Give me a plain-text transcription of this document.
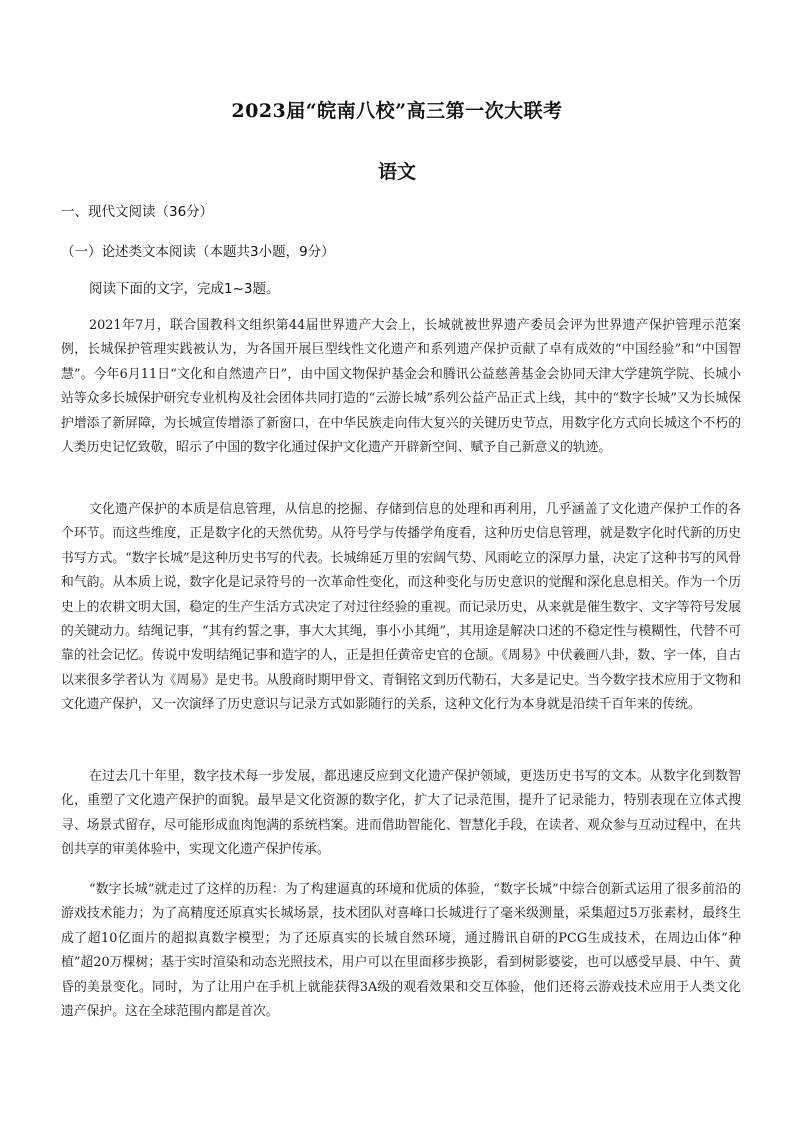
2023届“皖南八校”高三第一次大联考
语文
一、现代文阅读（36分）
（一）论述类文本阅读（本题共3小题，9分）
阅读下面的文字，完成1~3题。

2021年7月，联合国教科文组织第44届世界遗产大会上，长城就被世界遗产委员会评为世界遗产保护管理示范案例，长城保护管理实践被认为，为各国开展巨型线性文化遗产和系列遗产保护贡献了卓有成效的“中国经验”和“中国智慧”。今年6月11日“文化和自然遗产日”，由中国文物保护基金会和腾讯公益慈善基金会协同天津大学建筑学院、长城小站等众多长城保护研究专业机构及社会团体共同打造的“云游长城”系列公益产品正式上线，其中的“数字长城”又为长城保护增添了新屏障，为长城宣传增添了新窗口，在中华民族走向伟大复兴的关键历史节点，用数字化方式向长城这个不朽的人类历史记忆致敬，昭示了中国的数字化通过保护文化遗产开辟新空间、赋予自己新意义的轨迹。

文化遗产保护的本质是信息管理，从信息的挖掘、存储到信息的处理和再利用，几乎涵盖了文化遗产保护工作的各个环节。而这些维度，正是数字化的天然优势。从符号学与传播学角度看，这种历史信息管理，就是数字化时代新的历史书写方式。“数字长城”是这种历史书写的代表。长城绵延万里的宏阔气势、风雨屹立的深厚力量，决定了这种书写的风骨和气韵。从本质上说，数字化是记录符号的一次革命性变化，而这种变化与历史意识的觉醒和深化息息相关。作为一个历史上的农耕文明大国，稳定的生产生活方式决定了对过往经验的重视。而记录历史，从来就是催生数字、文字等符号发展的关键动力。结绳记事，“其有约誓之事，事大大其绳，事小小其绳”，其用途是解决口述的不稳定性与模糊性，代替不可靠的社会记忆。传说中发明结绳记事和造字的人，正是担任黄帝史官的仓颉。《周易》中伏羲画八卦，数、字一体，自古以来很多学者认为《周易》是史书。从殷商时期甲骨文、青铜铭文到历代勒石，大多是记史。当今数字技术应用于文物和文化遗产保护，又一次演绎了历史意识与记录方式如影随行的关系，这种文化行为本身就是沿续千百年来的传统。

在过去几十年里，数字技术每一步发展，都迅速反应到文化遗产保护领域，更迭历史书写的文本。从数字化到数智化，重塑了文化遗产保护的面貌。最早是文化资源的数字化，扩大了记录范围，提升了记录能力，特别表现在立体式搜寻、场景式留存，尽可能形成血肉饱满的系统档案。进而借助智能化、智慧化手段，在读者、观众参与互动过程中，在共创共享的审美体验中，实现文化遗产保护传承。

“数字长城”就走过了这样的历程：为了构建逼真的环境和优质的体验，“数字长城”中综合创新式运用了很多前沿的游戏技术能力；为了高精度还原真实长城场景，技术团队对喜峰口长城进行了毫米级测量，采集超过5万张素材，最终生成了超10亿面片的超拟真数字模型；为了还原真实的长城自然环境，通过腾讯自研的PCG生成技术，在周边山体“种植”超20万棵树；基于实时渲染和动态光照技术，用户可以在里面移步换影，看到树影婆娑，也可以感受早晨、中午、黄昏的美景变化。同时，为了让用户在手机上就能获得3A级的观看效果和交互体验，他们还将云游戏技术应用于人类文化遗产保护。这在全球范围内都是首次。
